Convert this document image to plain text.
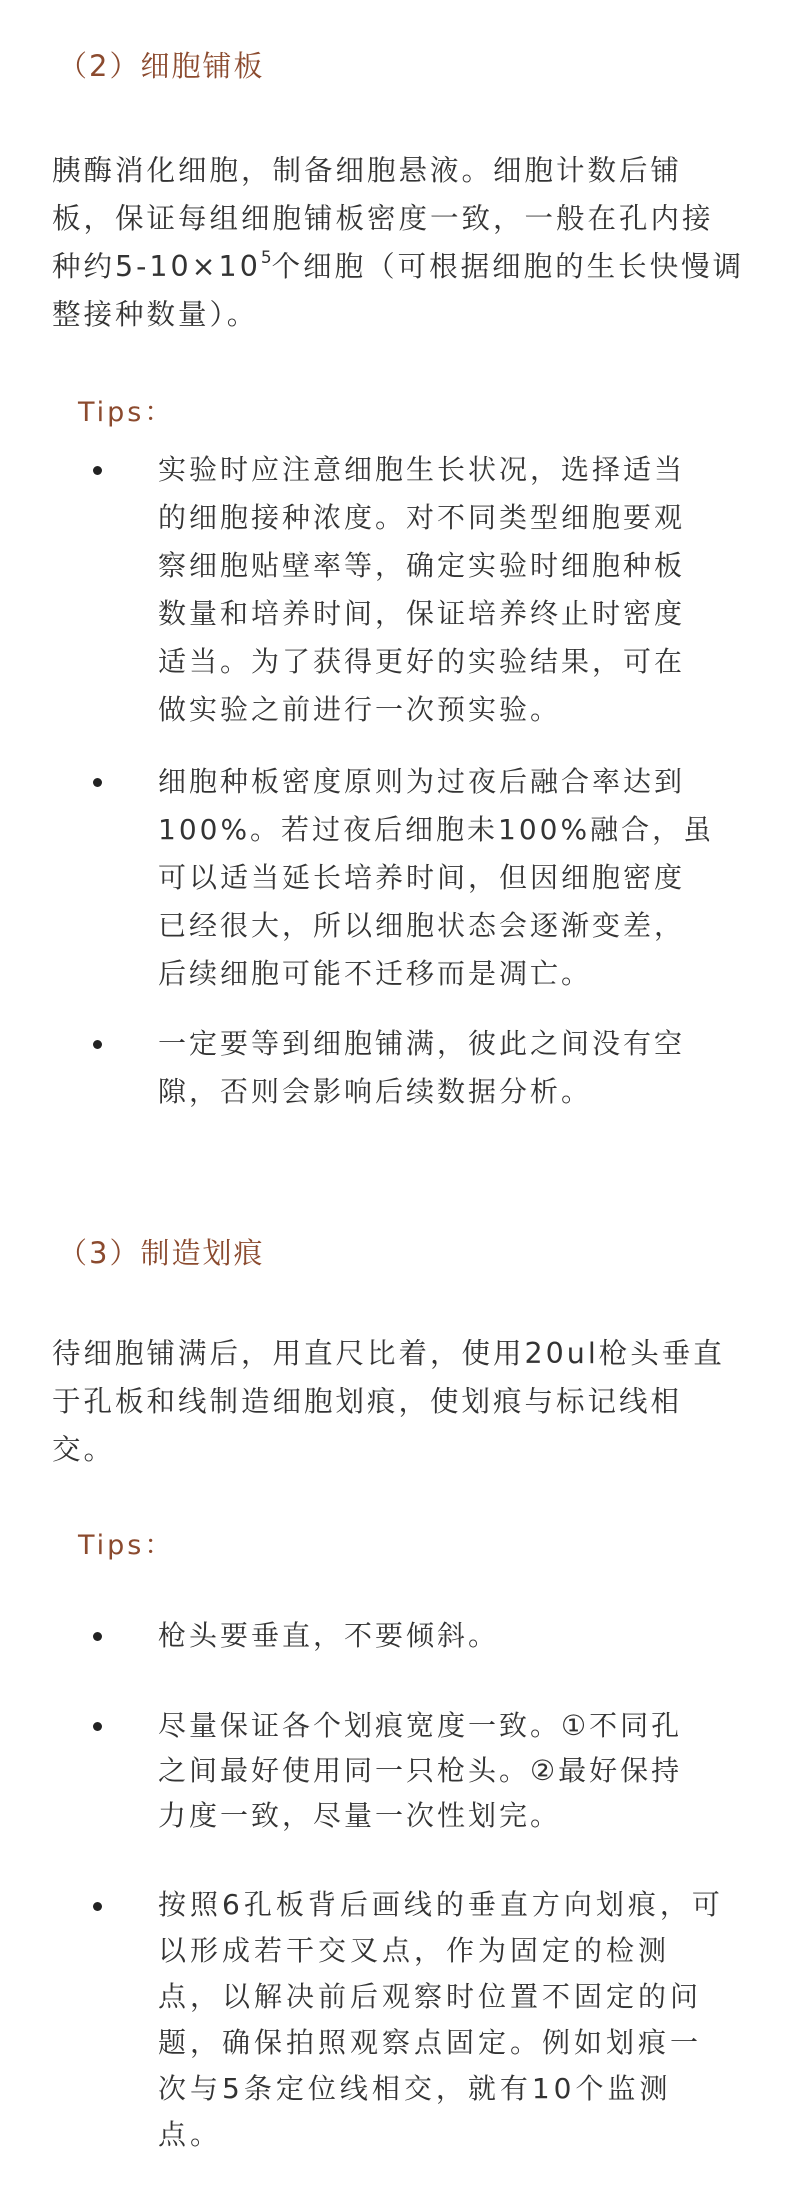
（2）细胞铺板
胰酶消化细胞，制备细胞悬液。细胞计数后铺
板，保证每组细胞铺板密度一致，一般在孔内接
种约$5-10\times 10^5$个细胞（可根据细胞的生长快慢调
整接种数量）。
Tips：
实验时应注意细胞生长状况，选择适当
的细胞接种浓度。对不同类型细胞要观
察细胞贴壁率等，确定实验时细胞种板
数量和培养时间，保证培养终止时密度
适当。为了获得更好的实验结果，可在
做实验之前进行一次预实验。
细胞种板密度原则为过夜后融合率达到
100%。若过夜后细胞未100%融合，虽
可以适当延长培养时间，但因细胞密度
已经很大，所以细胞状态会逐渐变差，
后续细胞可能不迁移而是凋亡。
一定要等到细胞铺满，彼此之间没有空
隙，否则会影响后续数据分析。
（3）制造划痕
待细胞铺满后，用直尺比着，使用20ul枪头垂直
于孔板和线制造细胞划痕，使划痕与标记线相
交。
Tips：
枪头要垂直，不要倾斜。
尽量保证各个划痕宽度一致。①不同孔
之间最好使用同一只枪头。②最好保持
力度一致，尽量一次性划完。
按照6孔板背后画线的垂直方向划痕，可
以形成若干交叉点，作为固定的检测
点，以解决前后观察时位置不固定的问
题，确保拍照观察点固定。例如划痕一
次与5条定位线相交，就有10个监测
点。
